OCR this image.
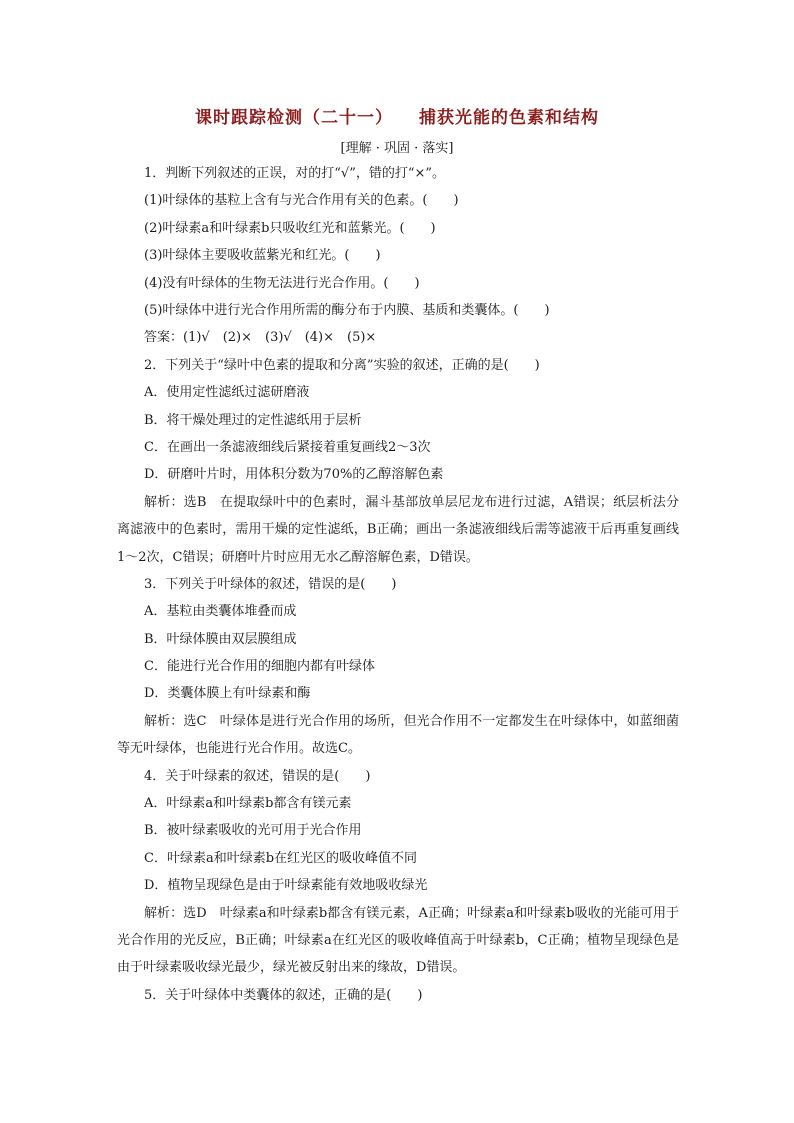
课时跟踪检测（二十一） 捕获光能的色素和结构
[理解 · 巩固 · 落实]
1．判断下列叙述的正误，对的打“√”，错的打“×”。
(1)叶绿体的基粒上含有与光合作用有关的色素。(　　)
(2)叶绿素a和叶绿素b只吸收红光和蓝紫光。(　　)
(3)叶绿体主要吸收蓝紫光和红光。(　　)
(4)没有叶绿体的生物无法进行光合作用。(　　)
(5)叶绿体中进行光合作用所需的酶分布于内膜、基质和类囊体。(　　)
答案：(1)√　(2)×　(3)√　(4)×　(5)×
2．下列关于“绿叶中色素的提取和分离”实验的叙述，正确的是(　　)
A．使用定性滤纸过滤研磨液
B．将干燥处理过的定性滤纸用于层析
C．在画出一条滤液细线后紧接着重复画线2～3次
D．研磨叶片时，用体积分数为70%的乙醇溶解色素
解析：选B　在提取绿叶中的色素时，漏斗基部放单层尼龙布进行过滤，A错误；纸层析法分离滤液中的色素时，需用干燥的定性滤纸，B正确；画出一条滤液细线后需等滤液干后再重复画线1～2次，C错误；研磨叶片时应用无水乙醇溶解色素，D错误。
3．下列关于叶绿体的叙述，错误的是(　　)
A．基粒由类囊体堆叠而成
B．叶绿体膜由双层膜组成
C．能进行光合作用的细胞内都有叶绿体
D．类囊体膜上有叶绿素和酶
解析：选C　叶绿体是进行光合作用的场所，但光合作用不一定都发生在叶绿体中，如蓝细菌等无叶绿体，也能进行光合作用。故选C。
4．关于叶绿素的叙述，错误的是(　　)
A．叶绿素a和叶绿素b都含有镁元素
B．被叶绿素吸收的光可用于光合作用
C．叶绿素a和叶绿素b在红光区的吸收峰值不同
D．植物呈现绿色是由于叶绿素能有效地吸收绿光
解析：选D　叶绿素a和叶绿素b都含有镁元素，A正确；叶绿素a和叶绿素b吸收的光能可用于光合作用的光反应，B正确；叶绿素a在红光区的吸收峰值高于叶绿素b，C正确；植物呈现绿色是由于叶绿素吸收绿光最少，绿光被反射出来的缘故，D错误。
5．关于叶绿体中类囊体的叙述，正确的是(　　)
